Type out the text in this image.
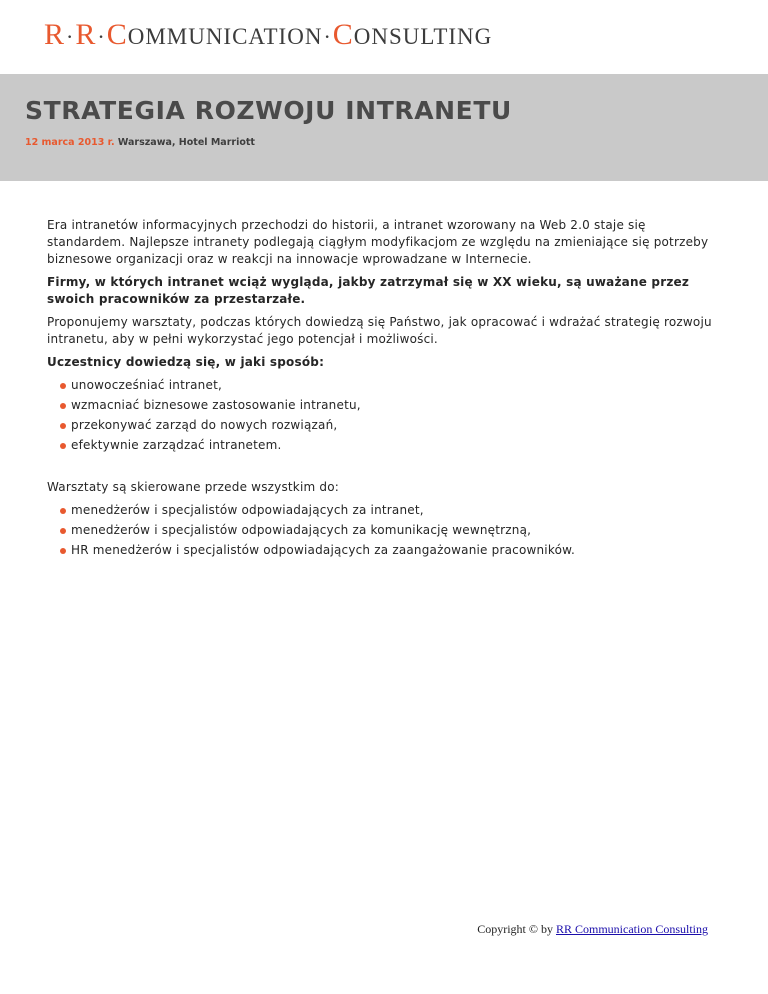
R·R·COMMUNICATION·CONSULTING
STRATEGIA ROZWOJU INTRANETU
12 marca 2013 r. Warszawa, Hotel Marriott

Era intranetów informacyjnych przechodzi do historii, a intranet wzorowany na Web 2.0 staje się standardem. Najlepsze intranety podlegają ciągłym modyfikacjom ze względu na zmieniające się potrzeby biznesowe organizacji oraz w reakcji na innowacje wprowadzane w Internecie.

Firmy, w których intranet wciąż wygląda, jakby zatrzymał się w XX wieku, są uważane przez swoich pracowników za przestarzałe.

Proponujemy warsztaty, podczas których dowiedzą się Państwo, jak opracować i wdrażać strategię rozwoju intranetu, aby w pełni wykorzystać jego potencjał i możliwości.

Uczestnicy dowiedzą się, w jaki sposób:

unowocześniać intranet,
wzmacniać biznesowe zastosowanie intranetu,
przekonywać zarząd do nowych rozwiązań,
efektywnie zarządzać intranetem.

Warsztaty są skierowane przede wszystkim do:

menedżerów i specjalistów odpowiadających za intranet,
menedżerów i specjalistów odpowiadających za komunikację wewnętrzną,
HR menedżerów i specjalistów odpowiadających za zaangażowanie pracowników.
Copyright © by RR Communication Consulting
